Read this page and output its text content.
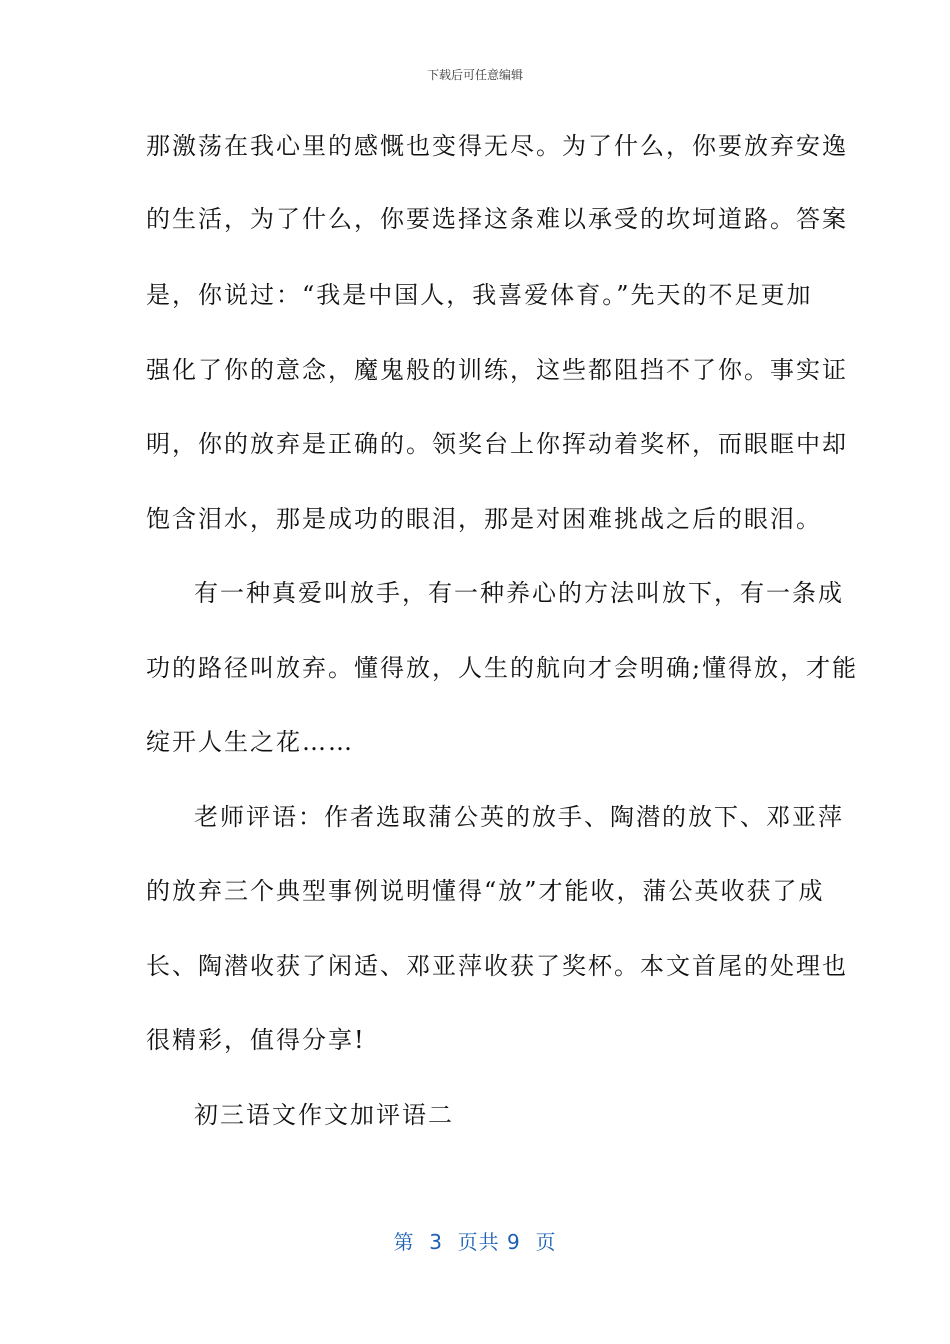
下载后可任意编辑
那激荡在我心里的感慨也变得无尽。为了什么，你要放弃安逸
的生活，为了什么，你要选择这条难以承受的坎坷道路。答案
是，你说过：“我是中国人，我喜爱体育。”先天的不足更加
强化了你的意念，魔鬼般的训练，这些都阻挡不了你。事实证
明，你的放弃是正确的。领奖台上你挥动着奖杯，而眼眶中却
饱含泪水，那是成功的眼泪，那是对困难挑战之后的眼泪。
有一种真爱叫放手，有一种养心的方法叫放下，有一条成
功的路径叫放弃。懂得放，人生的航向才会明确;懂得放，才能
绽开人生之花……
老师评语：作者选取蒲公英的放手、陶潜的放下、邓亚萍
的放弃三个典型事例说明懂得“放”才能收，蒲公英收获了成
长、陶潜收获了闲适、邓亚萍收获了奖杯。本文首尾的处理也
很精彩，值得分享!
初三语文作文加评语二
第  3  页共 9  页
